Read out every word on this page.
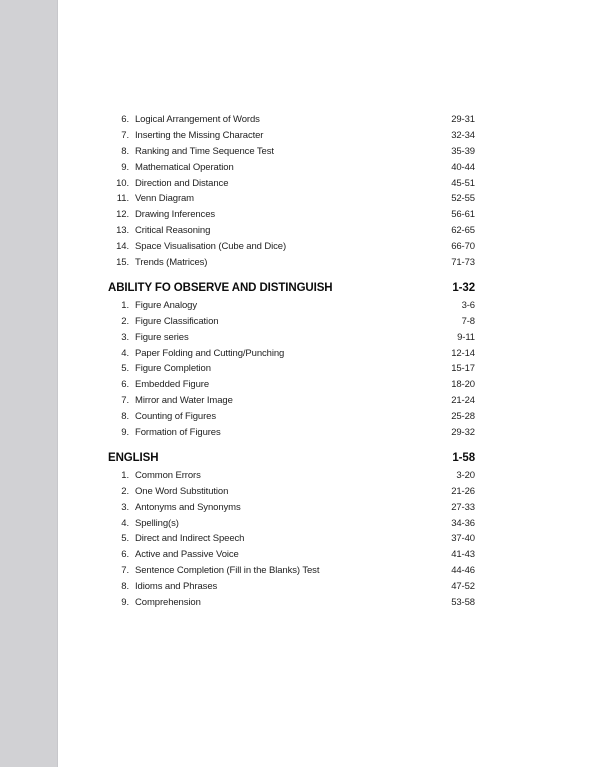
6. Logical Arrangement of Words	29-31
7. Inserting the Missing Character	32-34
8. Ranking and Time Sequence Test	35-39
9. Mathematical Operation	40-44
10. Direction and Distance	45-51
11. Venn Diagram	52-55
12. Drawing Inferences	56-61
13. Critical Reasoning	62-65
14. Space Visualisation (Cube and Dice)	66-70
15. Trends (Matrices)	71-73
ABILITY FO OBSERVE AND DISTINGUISH	1-32
1. Figure Analogy	3-6
2. Figure Classification	7-8
3. Figure series	9-11
4. Paper Folding and Cutting/Punching	12-14
5. Figure Completion	15-17
6. Embedded Figure	18-20
7. Mirror and Water Image	21-24
8. Counting of Figures	25-28
9. Formation of Figures	29-32
ENGLISH	1-58
1. Common Errors	3-20
2. One Word Substitution	21-26
3. Antonyms and Synonyms	27-33
4. Spelling(s)	34-36
5. Direct and Indirect Speech	37-40
6. Active and Passive Voice	41-43
7. Sentence Completion (Fill in the Blanks) Test	44-46
8. Idioms and Phrases	47-52
9. Comprehension	53-58
